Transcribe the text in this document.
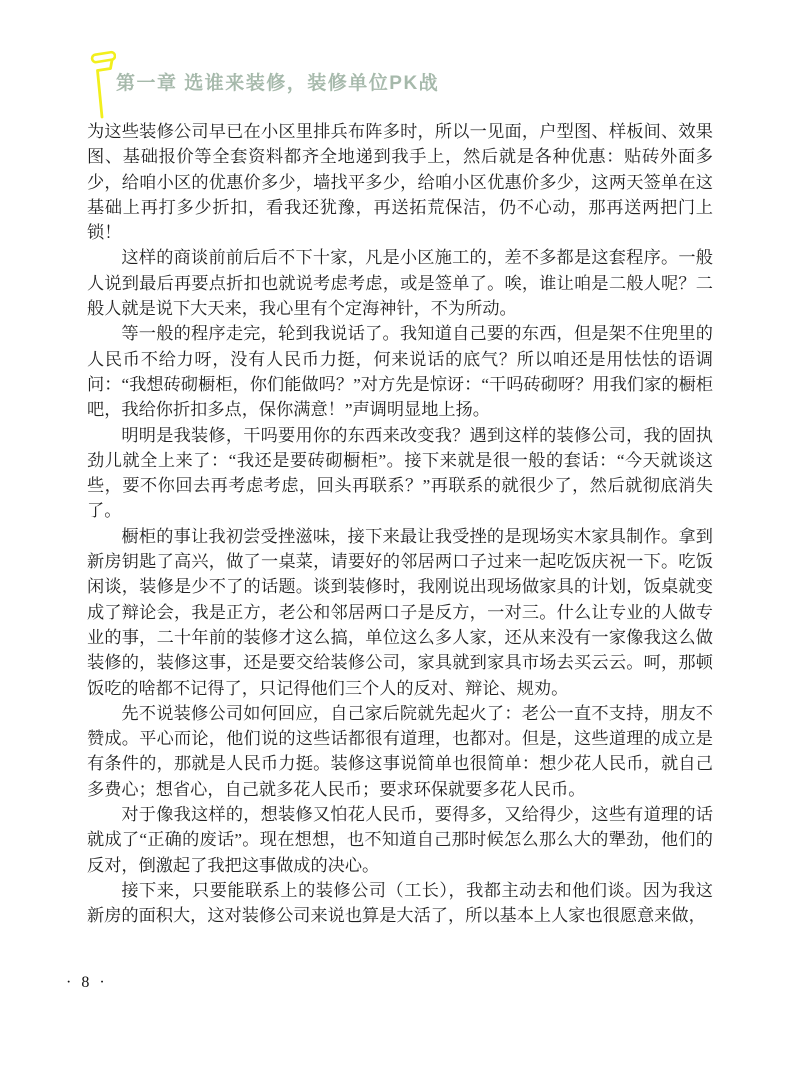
第一章 选谁来装修，装修单位PK战

为这些装修公司早已在小区里排兵布阵多时，所以一见面，户型图、样板间、效果图、基础报价等全套资料都齐全地递到我手上，然后就是各种优惠：贴砖外面多少，给咱小区的优惠价多少，墙找平多少，给咱小区优惠价多少，这两天签单在这基础上再打多少折扣，看我还犹豫，再送拓荒保洁，仍不心动，那再送两把门上锁！

这样的商谈前前后后不下十家，凡是小区施工的，差不多都是这套程序。一般人说到最后再要点折扣也就说考虑考虑，或是签单了。唉，谁让咱是二般人呢？二般人就是说下大天来，我心里有个定海神针，不为所动。

等一般的程序走完，轮到我说话了。我知道自己要的东西，但是架不住兜里的人民币不给力呀，没有人民币力挺，何来说话的底气？所以咱还是用怯怯的语调问：“我想砖砌橱柜，你们能做吗？”对方先是惊讶：“干吗砖砌呀？用我们家的橱柜吧，我给你折扣多点，保你满意！”声调明显地上扬。

明明是我装修，干吗要用你的东西来改变我？遇到这样的装修公司，我的固执劲儿就全上来了：“我还是要砖砌橱柜”。接下来就是很一般的套话：“今天就谈这些，要不你回去再考虑考虑，回头再联系？”再联系的就很少了，然后就彻底消失了。

橱柜的事让我初尝受挫滋味，接下来最让我受挫的是现场实木家具制作。拿到新房钥匙了高兴，做了一桌菜，请要好的邻居两口子过来一起吃饭庆祝一下。吃饭闲谈，装修是少不了的话题。谈到装修时，我刚说出现场做家具的计划，饭桌就变成了辩论会，我是正方，老公和邻居两口子是反方，一对三。什么让专业的人做专业的事，二十年前的装修才这么搞，单位这么多人家，还从来没有一家像我这么做装修的，装修这事，还是要交给装修公司，家具就到家具市场去买云云。呵，那顿饭吃的啥都不记得了，只记得他们三个人的反对、辩论、规劝。

先不说装修公司如何回应，自己家后院就先起火了：老公一直不支持，朋友不赞成。平心而论，他们说的这些话都很有道理，也都对。但是，这些道理的成立是有条件的，那就是人民币力挺。装修这事说简单也很简单：想少花人民币，就自己多费心；想省心，自己就多花人民币；要求环保就要多花人民币。

对于像我这样的，想装修又怕花人民币，要得多，又给得少，这些有道理的话就成了“正确的废话”。现在想想，也不知道自己那时候怎么那么大的犟劲，他们的反对，倒激起了我把这事做成的决心。

接下来，只要能联系上的装修公司（工长），我都主动去和他们谈。因为我这新房的面积大，这对装修公司来说也算是大活了，所以基本上人家也很愿意来做，

· 8 ·
